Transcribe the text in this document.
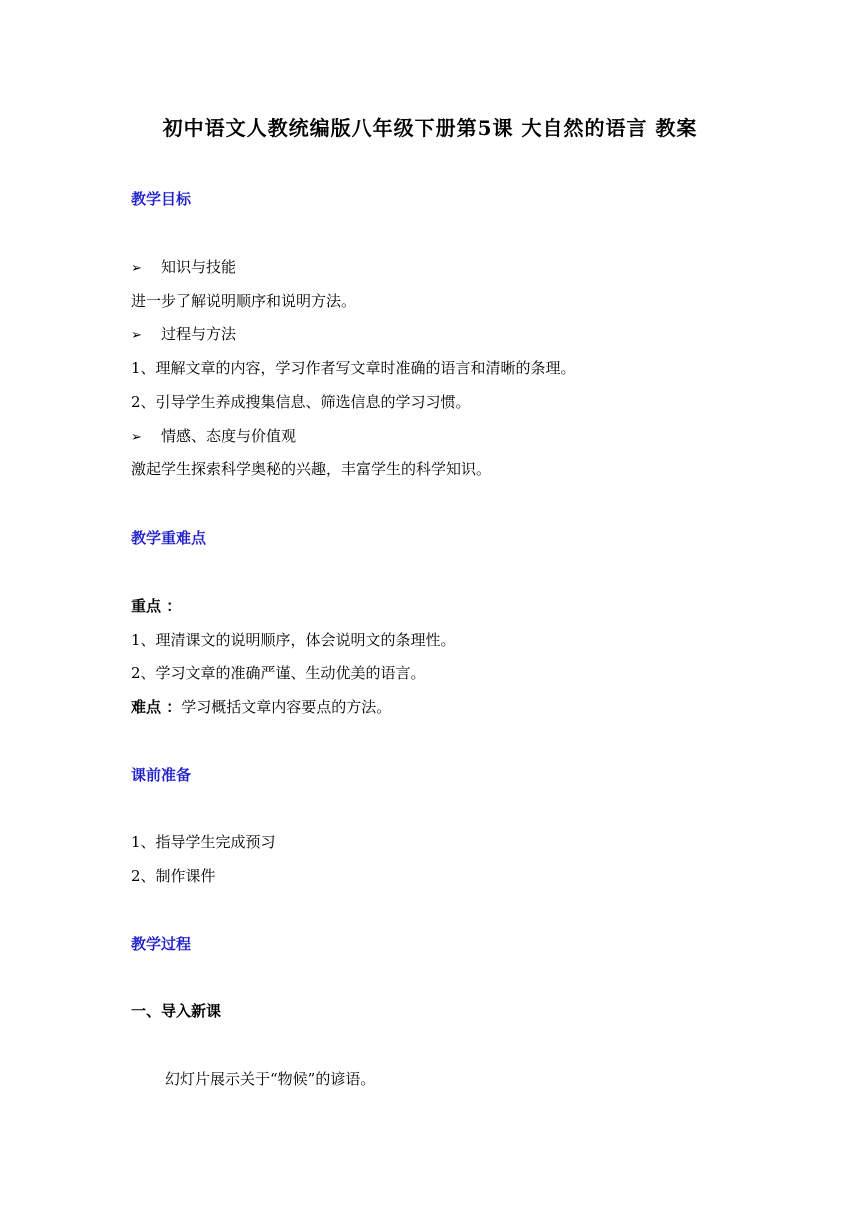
初中语文人教统编版八年级下册第5课 大自然的语言 教案
教学目标
➢ 知识与技能
进一步了解说明顺序和说明方法。
➢ 过程与方法
1、理解文章的内容，学习作者写文章时准确的语言和清晰的条理。
2、引导学生养成搜集信息、筛选信息的学习习惯。
➢ 情感、态度与价值观
激起学生探索科学奥秘的兴趣，丰富学生的科学知识。
教学重难点
重点 ：
1、理清课文的说明顺序，体会说明文的条理性。
2、学习文章的准确严谨、生动优美的语言。
难点 ：学习概括文章内容要点的方法。
课前准备
1、指导学生完成预习
2、制作课件
教学过程
一、导入新课
幻灯片展示关于“物候”的谚语。
